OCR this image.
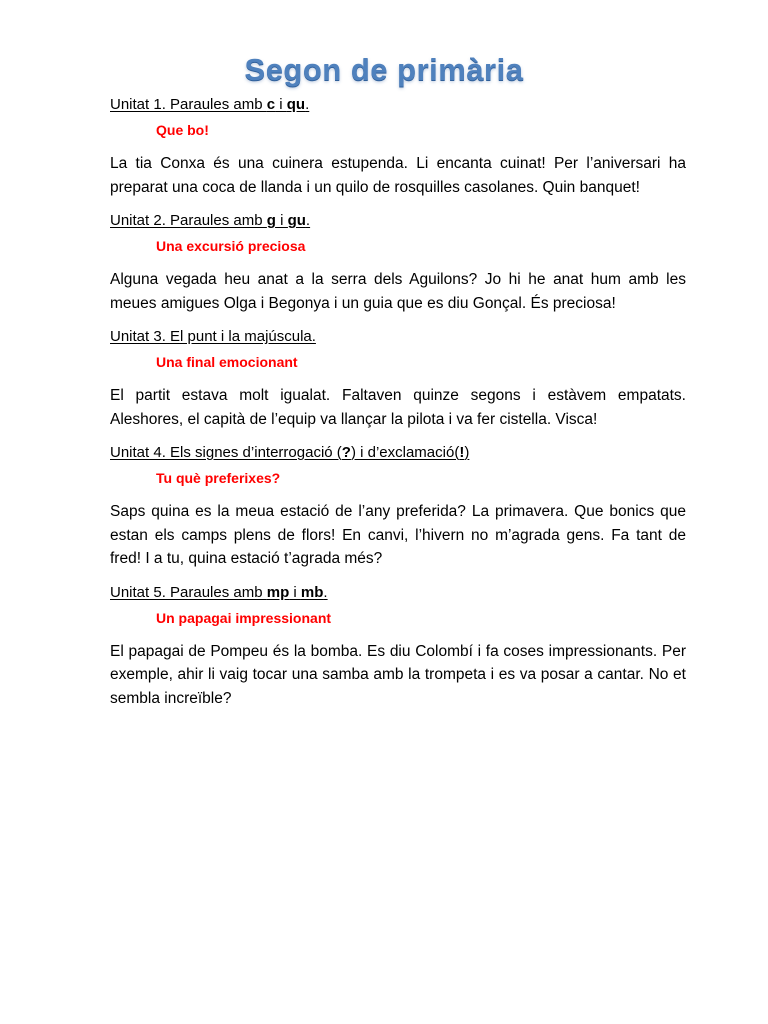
Segon de primària

Unitat 1. Paraules amb c i qu.

Que bo!

La tia Conxa és una cuinera estupenda. Li encanta cuinat! Per l’aniversari ha preparat una coca de llanda i un quilo de rosquilles casolanes. Quin banquet!

Unitat 2. Paraules amb g i gu.

Una excursió preciosa

Alguna vegada heu anat a la serra dels Aguilons? Jo hi he anat hum amb les meues amigues Olga i Begonya i un guia que es diu Gonçal. És preciosa!

Unitat 3. El punt i la majúscula.

Una final emocionant

El partit estava molt igualat. Faltaven quinze segons i estàvem empatats. Aleshores, el capità de l’equip va llançar la pilota i va fer cistella. Visca!

Unitat 4. Els signes d’interrogació (?) i d’exclamació(!)

Tu què preferixes?

Saps quina es la meua estació de l’any preferida? La primavera. Que bonics que estan els camps plens de flors! En canvi, l’hivern no m’agrada gens. Fa tant de fred! I a tu, quina estació t’agrada més?

Unitat 5. Paraules amb mp i mb.

Un papagai impressionant

El papagai de Pompeu és la bomba. Es diu Colombí i fa coses impressionants. Per exemple, ahir li vaig tocar una samba amb la trompeta i es va posar a cantar. No et sembla increïble?
